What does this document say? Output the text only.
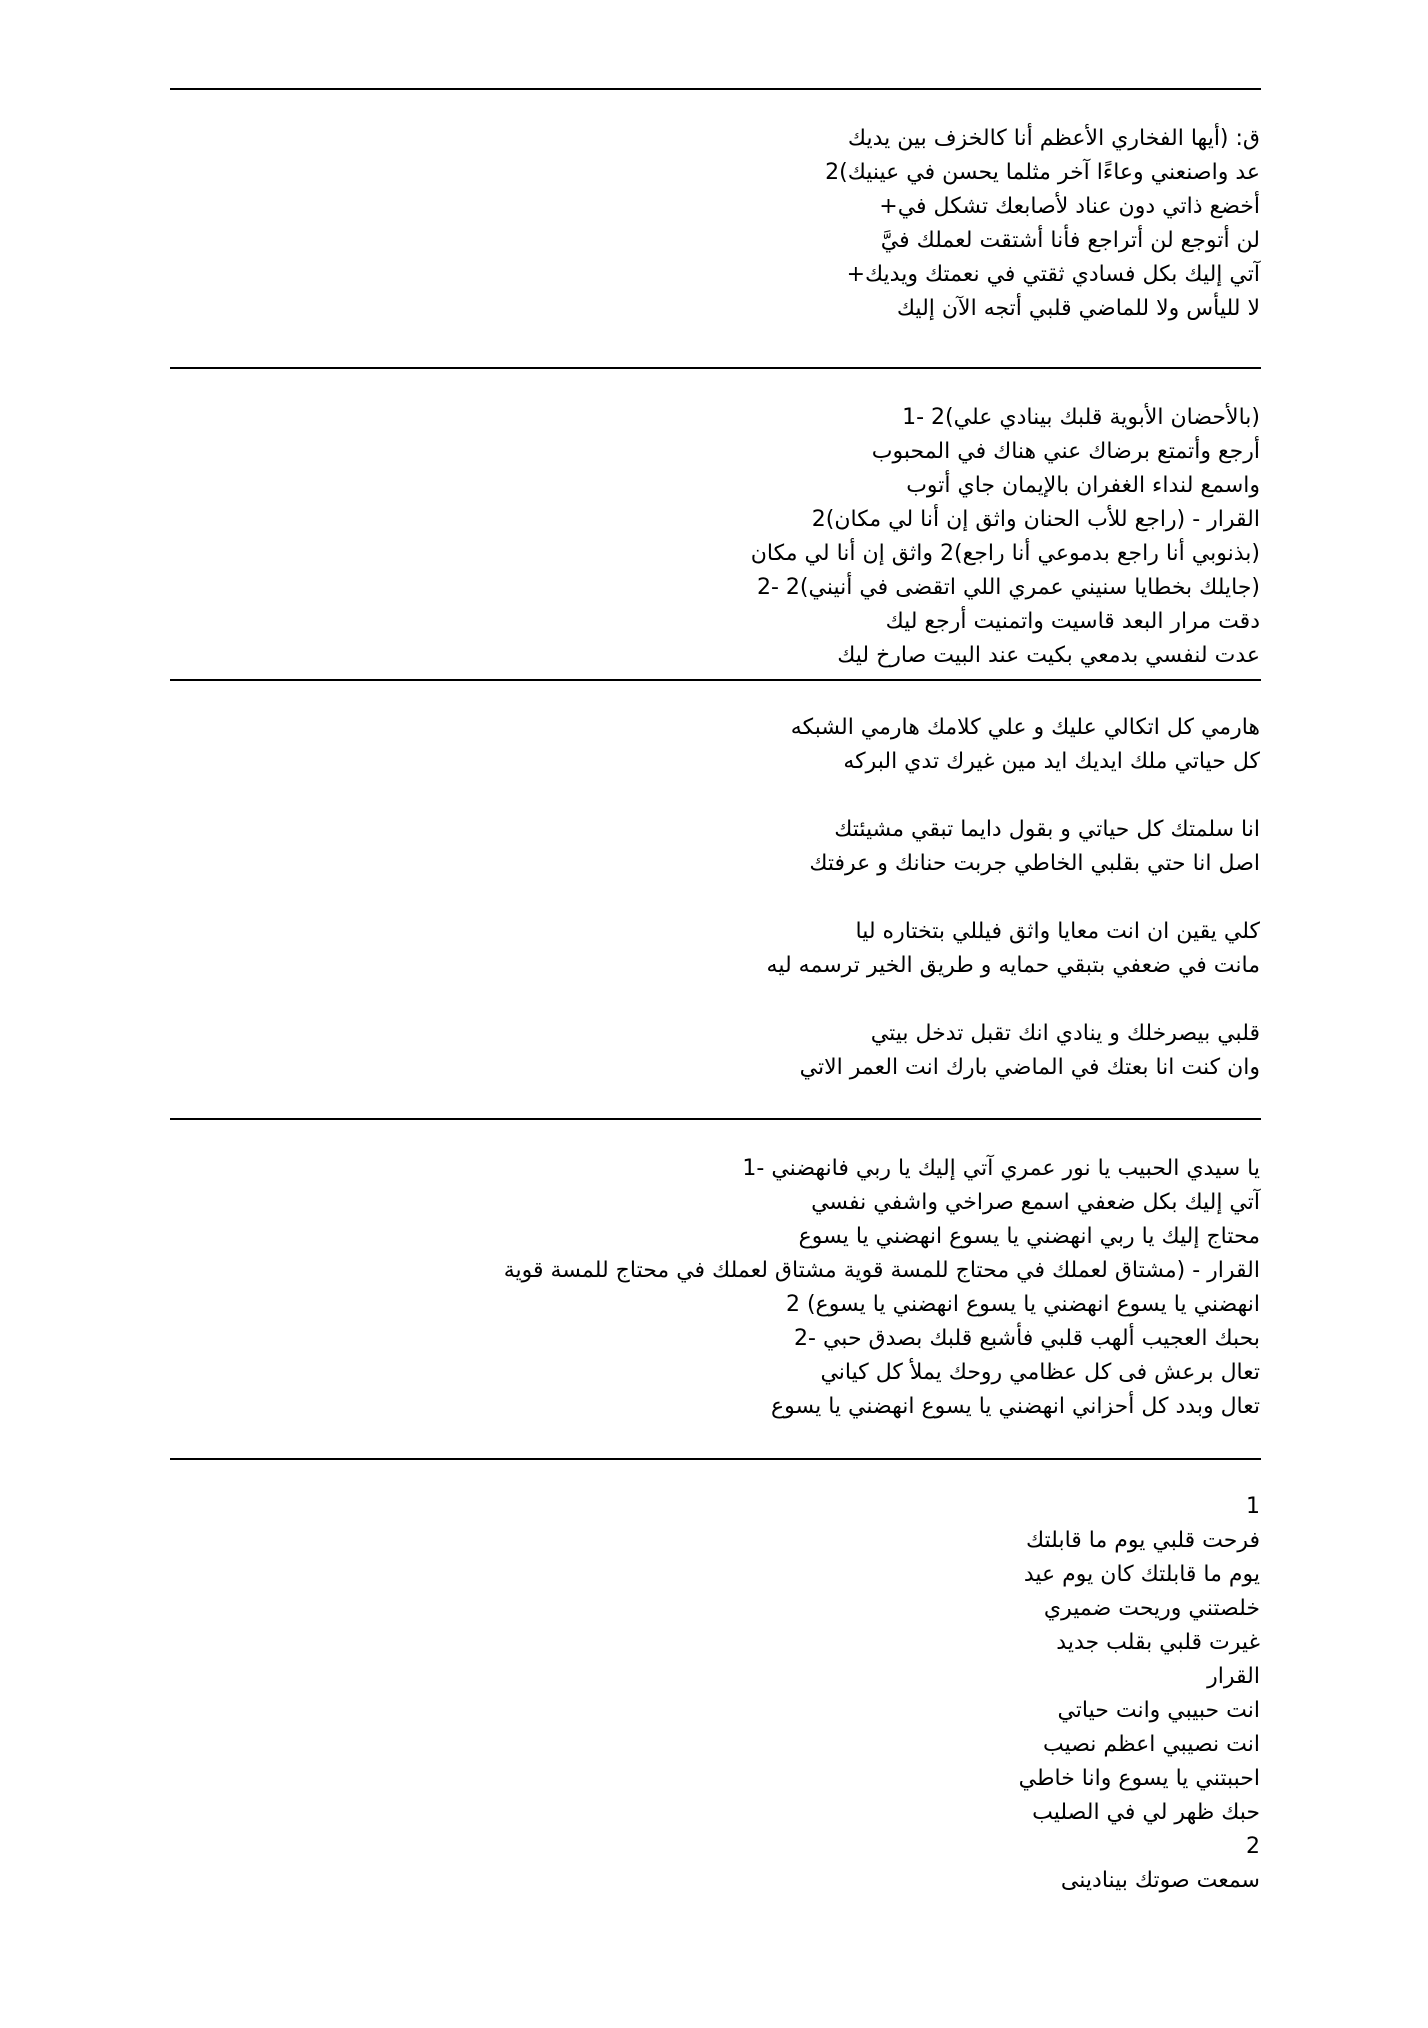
ق: (أيها الفخاري الأعظم أنا كالخزف بين يديك
عد واصنعني وعاءًا آخر مثلما يحسن في عينيك)2
أخضع ذاتي دون عناد لأصابعك تشكل في+
لن أتوجع لن أتراجع فأنا أشتقت لعملك فيَّ
آتي إليك بكل فسادي ثقتي في نعمتك ويديك+
لا لليأس ولا للماضي قلبي أتجه الآن إليك
(بالأحضان الأبوية قلبك بينادي علي)2 -1
أرجع وأتمتع برضاك عني هناك في المحبوب
واسمع لنداء الغفران بالإيمان جاي أتوب
القرار - (راجع للأب الحنان واثق إن أنا لي مكان)2
(بذنوبي أنا راجع بدموعي أنا راجع)2 واثق إن أنا لي مكان
(جايلك بخطايا سنيني عمري اللي اتقضى في أنيني)2 -2
دقت مرار البعد قاسيت واتمنيت أرجع ليك
عدت لنفسي بدمعي بكيت عند البيت صارخ ليك
هارمي كل اتكالي عليك و علي كلامك هارمي الشبكه
كل حياتي ملك ايديك ايد مين غيرك تدي البركه
انا سلمتك كل حياتي و بقول دايما تبقي مشيئتك
اصل انا حتي بقلبي الخاطي جربت حنانك و عرفتك
كلي يقين ان انت معايا واثق فيللي بتختاره ليا
مانت في ضعفي بتبقي حمايه و طريق الخير ترسمه ليه
قلبي بيصرخلك و ينادي انك تقبل تدخل بيتي
وان كنت انا بعتك في الماضي بارك انت العمر الاتي
يا سيدي الحبيب يا نور عمري آتي إليك يا ربي فانهضني -1
آتي إليك بكل ضعفي اسمع صراخي واشفي نفسي
محتاج إليك يا ربي انهضني يا يسوع انهضني يا يسوع
القرار - (مشتاق لعملك في محتاج للمسة قوية مشتاق لعملك في محتاج للمسة قوية
انهضني يا يسوع انهضني يا يسوع انهضني يا يسوع) 2
بحبك العجيب ألهب قلبي فأشبع قلبك بصدق حبي -2
تعال برعش فى كل عظامي روحك يملأ كل كياني
تعال وبدد كل أحزاني انهضني يا يسوع انهضني يا يسوع
1
فرحت قلبي يوم ما قابلتك
يوم ما قابلتك كان يوم عيد
خلصتني وريحت ضميري
غيرت قلبي بقلب جديد
القرار
انت حبيبي وانت حياتي
انت نصيبي اعظم نصيب
احببتني يا يسوع وانا خاطي
حبك ظهر لي في الصليب
2
سمعت صوتك بينادينى
